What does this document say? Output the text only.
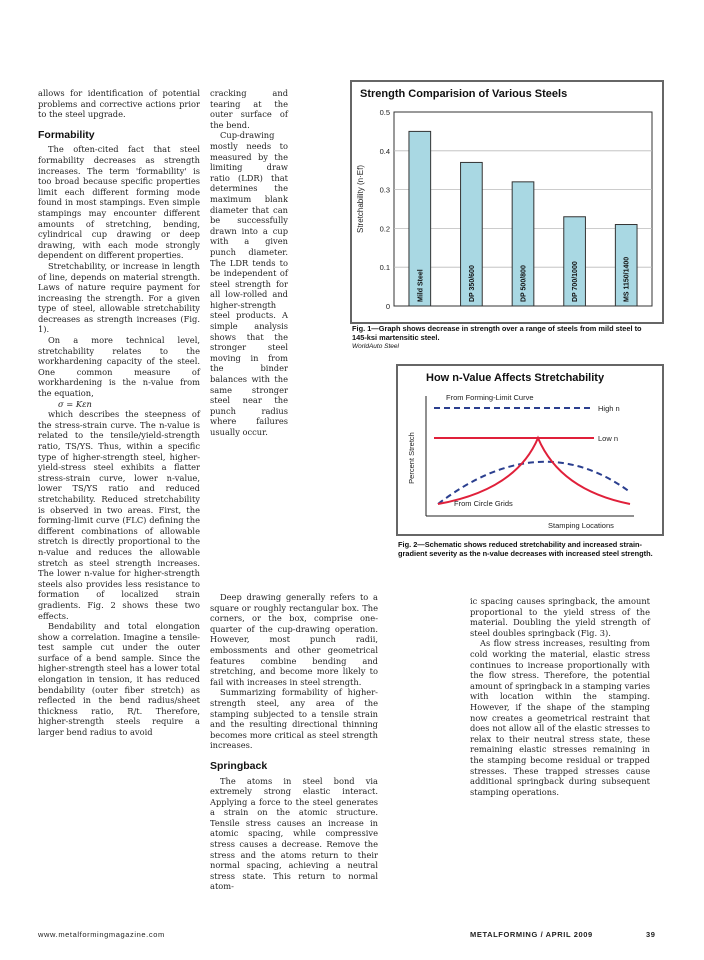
allows for identification of potential problems and corrective actions prior to the steel upgrade.

Formability

The often-cited fact that steel formability decreases as strength increases. The term 'formability' is too broad because specific properties limit each different forming mode found in most stampings. Even simple stampings may encounter different amounts of stretching, bending, cylindrical cup drawing or deep drawing, with each mode strongly dependent on different properties.

Stretchability, or increase in length of line, depends on material strength. Laws of nature require payment for increasing the strength. For a given type of steel, allowable stretchability decreases as strength increases (Fig. 1).

On a more technical level, stretchability relates to the workhardening capacity of the steel. One common measure of workhardening is the n-value from the equation,

σ = Kεn

which describes the steepness of the stress-strain curve. The n-value is related to the tensile/yield-strength ratio, TS/YS. Thus, within a specific type of higher-strength steel, higher-yield-stress steel exhibits a flatter stress-strain curve, lower n-value, lower TS/YS ratio and reduced stretchability. Reduced stretchability is observed in two areas. First, the forming-limit curve (FLC) defining the different combinations of allowable stretch is directly proportional to the n-value and reduces the allowable stretch as steel strength increases. The lower n-value for higher-strength steels also provides less resistance to formation of localized strain gradients. Fig. 2 shows these two effects.

Bendability and total elongation show a correlation. Imagine a tensile-test sample cut under the outer surface of a bend sample. Since the higher-strength steel has a lower total elongation in tension, it has reduced bendability (outer fiber stretch) as reflected in the bend radius/sheet thickness ratio, R/t. Therefore, higher-strength steels require a larger bend radius to avoid

cracking and tearing at the outer surface of the bend.

Cup-drawing mostly needs to measured by the limiting draw ratio (LDR) that determines the maximum blank diameter that can be successfully drawn into a cup with a given punch diameter. The LDR tends to be independent of steel strength for all low-rolled and higher-strength steel products. A simple analysis shows that the stronger steel moving in from the binder balances with the same stronger steel near the punch radius where failures usually occur.

Deep drawing generally refers to a square or roughly rectangular box. The corners, or the box, comprise one-quarter of the cup-drawing operation. However, most punch radii, embossments and other geometrical features combine bending and stretching, and become more likely to fail with increases in steel strength.

Summarizing formability of higher-strength steel, any area of the stamping subjected to a tensile strain and the resulting directional thinning becomes more critical as steel strength increases.

Springback

The atoms in steel bond via extremely strong elastic interact. Applying a force to the steel generates a strain on the atomic structure. Tensile stress causes an increase in atomic spacing, while compressive stress causes a decrease. Remove the stress and the atoms return to their normal spacing, achieving a neutral stress state. This return to normal atom-

ic spacing causes springback, the amount proportional to the yield stress of the material. Doubling the yield strength of steel doubles springback (Fig. 3).

As flow stress increases, resulting from cold working the material, elastic stress continues to increase proportionally with the flow stress. Therefore, the potential amount of springback in a stamping varies with location within the stamping. However, if the shape of the stamping now creates a geometrical restraint that does not allow all of the elastic stresses to relax to their neutral stress state, these remaining elastic stresses remaining in the stamping become residual or trapped stresses. These trapped stresses cause additional springback during subsequent stamping operations.

Strength Comparision of Various Steels
Stretchability (n·Ef)
0
0.1
0.2
0.3
0.4
0.5
Mild Steel	DP 350/600	DP 500/800	DP 700/1000	MS 1150/1400
Fig. 1—Graph shows decrease in strength over a range of steels from mild steel to 145-ksi martensitic steel.
WorldAuto Steel
How n-Value Affects Stretchability
Percent Stretch
Stamping Locations
From Forming-Limit Curve
High n
Low n
From Circle Grids
Fig. 2—Schematic shows reduced stretchability and increased strain-gradient severity as the n-value decreases with increased steel strength.
www.metalformingmagazine.com	METALFORMING / APRIL 2009	39
